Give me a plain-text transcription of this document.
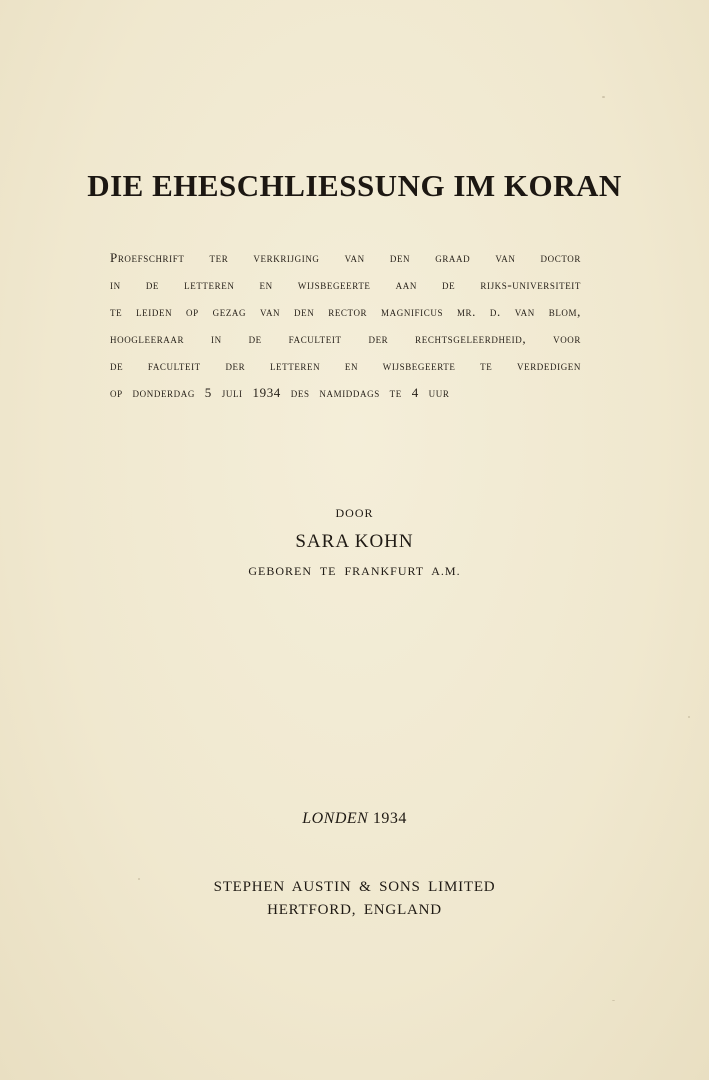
DIE EHESCHLIESSUNG IM KORAN
Proefschrift ter verkrijging van den graad van doctor
in de letteren en wijsbegeerte aan de rijks-universiteit
te leiden op gezag van den rector magnificus mr. d. van blom,
hoogleeraar in de faculteit der rechtsgeleerdheid, voor
de faculteit der letteren en wijsbegeerte te verdedigen
op donderdag 5 juli 1934 des namiddags te 4 uur

DOOR

SARA KOHN

GEBOREN TE FRANKFURT A.M.

LONDEN 1934

STEPHEN AUSTIN & SONS LIMITED
HERTFORD, ENGLAND
